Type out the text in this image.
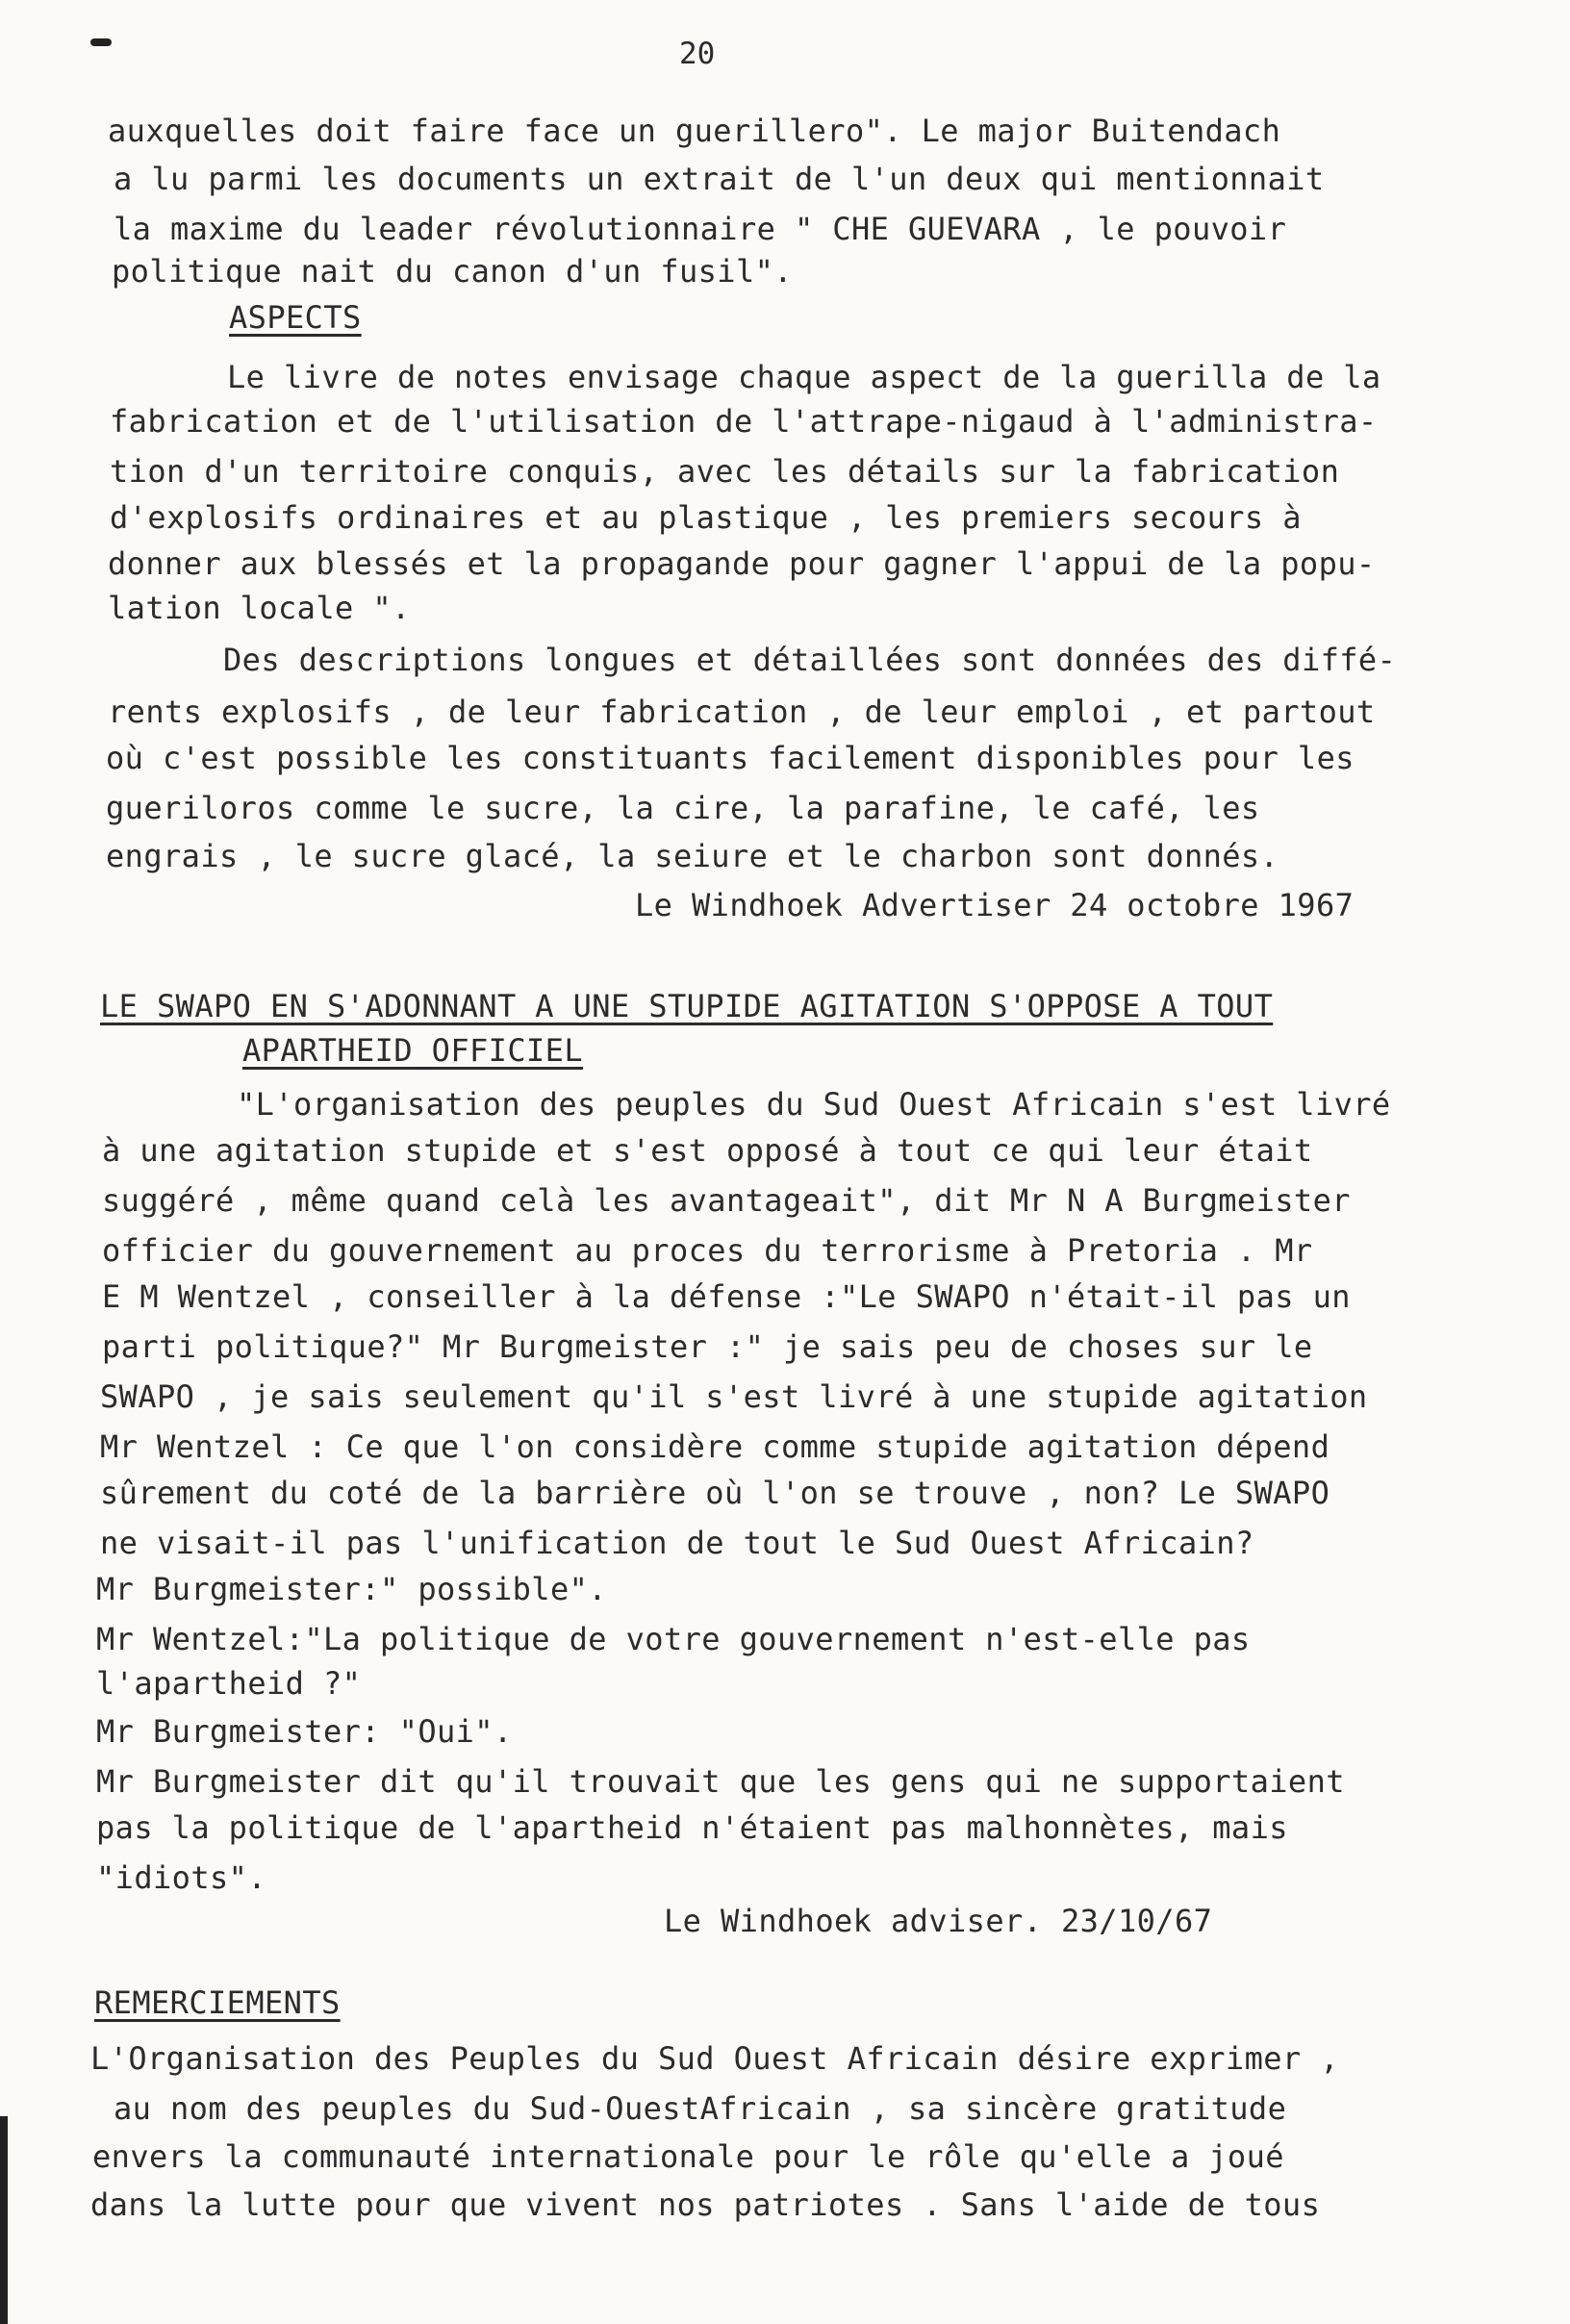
20
auxquelles doit faire face un guerillero". Le major Buitendach
a lu parmi les documents un extrait de l'un deux qui mentionnait
la maxime du leader révolutionnaire " CHE GUEVARA , le pouvoir
politique nait du canon d'un fusil".
ASPECTS
Le livre de notes envisage chaque aspect de la guerilla de la
fabrication et de l'utilisation de l'attrape-nigaud à l'administra-
tion d'un territoire conquis, avec les détails sur la fabrication
d'explosifs ordinaires et au plastique , les premiers secours à
donner aux blessés et la propagande pour gagner l'appui de la popu-
lation locale ".
Des descriptions longues et détaillées sont données des diffé-
rents explosifs , de leur fabrication , de leur emploi , et partout
où c'est possible les constituants facilement disponibles pour les
gueriloros comme le sucre, la cire, la parafine, le café, les
engrais , le sucre glacé, la seiure et le charbon sont donnés.
Le Windhoek Advertiser 24 octobre 1967
LE SWAPO EN S'ADONNANT A UNE STUPIDE AGITATION S'OPPOSE A TOUT
APARTHEID OFFICIEL
"L'organisation des peuples du Sud Ouest Africain s'est livré
à une agitation stupide et s'est opposé à tout ce qui leur était
suggéré , même quand celà les avantageait", dit Mr N A Burgmeister
officier du gouvernement au proces du terrorisme à Pretoria . Mr
E M Wentzel , conseiller à la défense :"Le SWAPO n'était-il pas un
parti politique?" Mr Burgmeister :" je sais peu de choses sur le
SWAPO , je sais seulement qu'il s'est livré à une stupide agitation
Mr Wentzel : Ce que l'on considère comme stupide agitation dépend
sûrement du coté de la barrière où l'on se trouve , non? Le SWAPO
ne visait-il pas l'unification de tout le Sud Ouest Africain?
Mr Burgmeister:" possible".
Mr Wentzel:"La politique de votre gouvernement n'est-elle pas
l'apartheid ?"
Mr Burgmeister: "Oui".
Mr Burgmeister dit qu'il trouvait que les gens qui ne supportaient
pas la politique de l'apartheid n'étaient pas malhonnètes, mais
"idiots".
Le Windhoek adviser. 23/10/67
REMERCIEMENTS
L'Organisation des Peuples du Sud Ouest Africain désire exprimer ,
au nom des peuples du Sud-OuestAfricain , sa sincère gratitude
envers la communauté internationale pour le rôle qu'elle a joué
dans la lutte pour que vivent nos patriotes . Sans l'aide de tous
